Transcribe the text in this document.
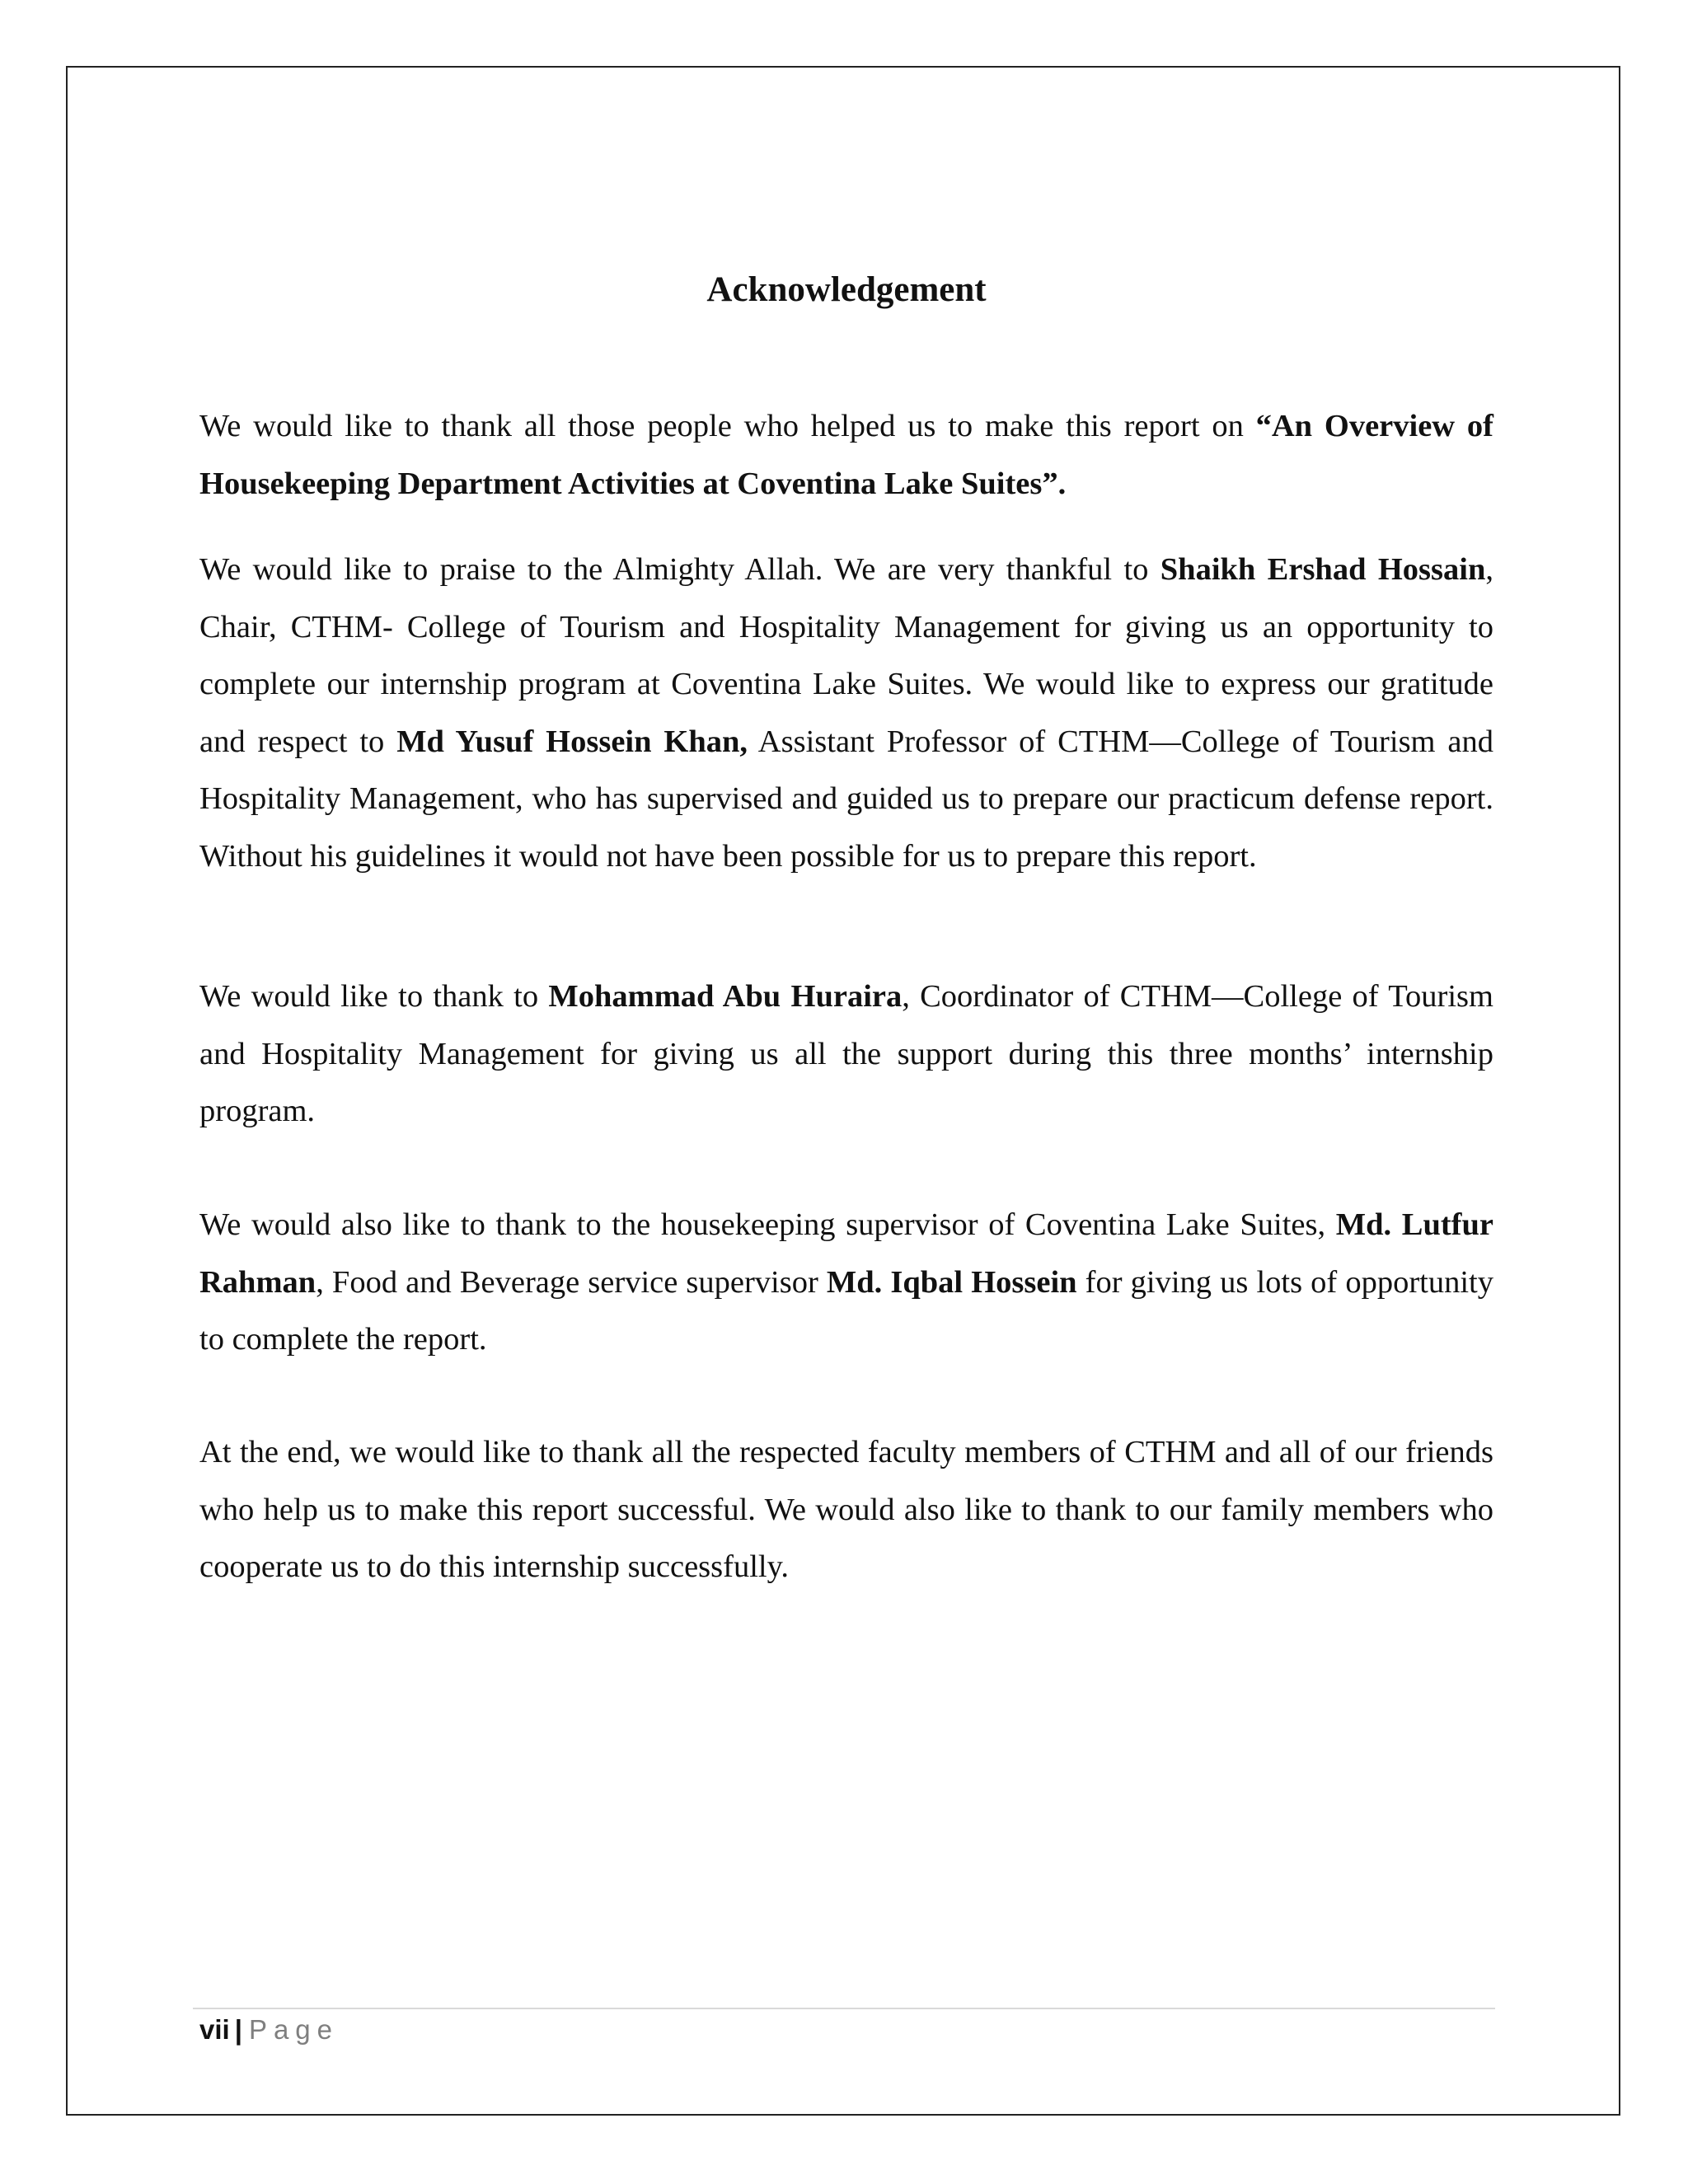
Acknowledgement

We would like to thank all those people who helped us to make this report on “An Overview of Housekeeping Department Activities at Coventina Lake Suites”.

We would like to praise to the Almighty Allah. We are very thankful to Shaikh Ershad Hossain, Chair, CTHM- College of Tourism and Hospitality Management for giving us an opportunity to complete our internship program at Coventina Lake Suites. We would like to express our gratitude and respect to Md Yusuf Hossein Khan, Assistant Professor of CTHM—College of Tourism and Hospitality Management, who has supervised and guided us to prepare our practicum defense report. Without his guidelines it would not have been possible for us to prepare this report.

We would like to thank to Mohammad Abu Huraira, Coordinator of CTHM—College of Tourism and Hospitality Management for giving us all the support during this three months’ internship program.

We would also like to thank to the housekeeping supervisor of Coventina Lake Suites, Md. Lutfur Rahman, Food and Beverage service supervisor Md. Iqbal Hossein for giving us lots of opportunity to complete the report.

At the end, we would like to thank all the respected faculty members of CTHM and all of our friends who help us to make this report successful. We would also like to thank to our family members who cooperate us to do this internship successfully.

vii | Page
